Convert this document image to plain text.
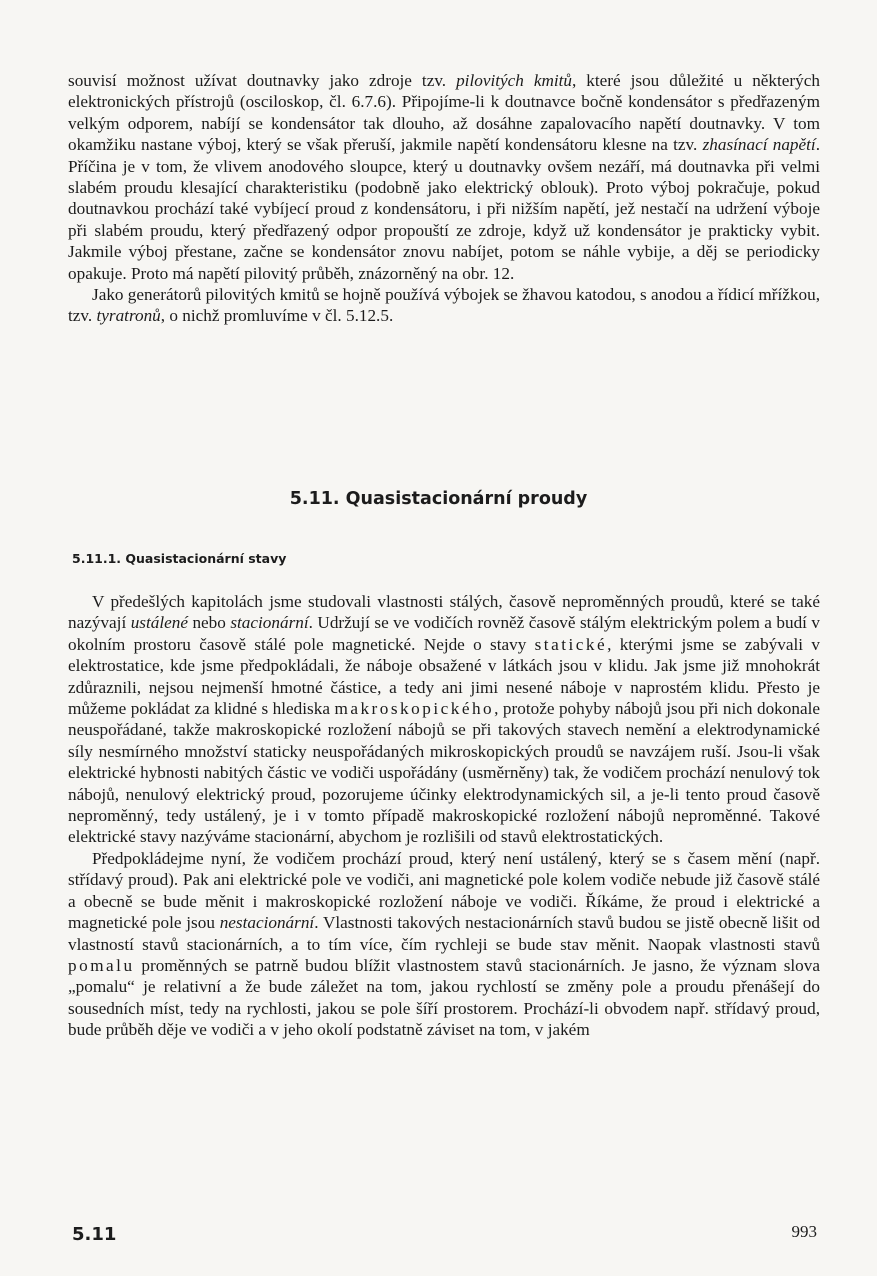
souvisí možnost užívat doutnavky jako zdroje tzv. pilovitých kmitů, které jsou důležité u některých elektronických přístrojů (osciloskop, čl. 6.7.6). Připojíme-li k doutnavce bočně kondensátor s předřazeným velkým odporem, nabíjí se kondensátor tak dlouho, až dosáhne zapalovacího napětí doutnavky. V tom okamžiku nastane výboj, který se však přeruší, jakmile napětí kondensátoru klesne na tzv. zhasínací napětí. Příčina je v tom, že vlivem anodového sloupce, který u doutnavky ovšem nezáří, má doutnavka při velmi slabém proudu klesající charakteristiku (podobně jako elektrický oblouk). Proto výboj pokračuje, pokud doutnavkou prochází také vybíjecí proud z kondensátoru, i při nižším napětí, jež nestačí na udržení výboje při slabém proudu, který předřazený odpor propouští ze zdroje, když už kondensátor je prakticky vybit. Jakmile výboj přestane, začne se kondensátor znovu nabíjet, potom se náhle vybije, a děj se periodicky opakuje. Proto má napětí pilovitý průběh, znázorněný na obr. 12.

Jako generátorů pilovitých kmitů se hojně používá výbojek se žhavou katodou, s anodou a řídicí mřížkou, tzv. tyratronů, o nichž promluvíme v čl. 5.12.5.

5.11. Quasistacionární proudy
5.11.1. Quasistacionární stavy

V předešlých kapitolách jsme studovali vlastnosti stálých, časově neproměnných proudů, které se také nazývají ustálené nebo stacionární. Udržují se ve vodičích rovněž časově stálým elektrickým polem a budí v okolním prostoru časově stálé pole magnetické. Nejde o stavy statické, kterými jsme se zabývali v elektrostatice, kde jsme předpokládali, že náboje obsažené v látkách jsou v klidu. Jak jsme již mnohokrát zdůraznili, nejsou nejmenší hmotné částice, a tedy ani jimi nesené náboje v naprostém klidu. Přesto je můžeme pokládat za klidné s hlediska makroskopického, protože pohyby nábojů jsou při nich dokonale neuspořádané, takže makroskopické rozložení nábojů se při takových stavech nemění a elektrodynamické síly nesmírného množství staticky neuspořádaných mikroskopických proudů se navzájem ruší. Jsou-li však elektrické hybnosti nabitých částic ve vodiči uspořádány (usměrněny) tak, že vodičem prochází nenulový tok nábojů, nenulový elektrický proud, pozorujeme účinky elektrodynamických sil, a je-li tento proud časově neproměnný, tedy ustálený, je i v tomto případě makroskopické rozložení nábojů neproměnné. Takové elektrické stavy nazýváme stacionární, abychom je rozlišili od stavů elektrostatických.

Předpokládejme nyní, že vodičem prochází proud, který není ustálený, který se s časem mění (např. střídavý proud). Pak ani elektrické pole ve vodiči, ani magnetické pole kolem vodiče nebude již časově stálé a obecně se bude měnit i makroskopické rozložení náboje ve vodiči. Říkáme, že proud i elektrické a magnetické pole jsou nestacionární. Vlastnosti takových nestacionárních stavů budou se jistě obecně lišit od vlastností stavů stacionárních, a to tím více, čím rychleji se bude stav měnit. Naopak vlastnosti stavů pomalu proměnných se patrně budou blížit vlastnostem stavů stacionárních. Je jasno, že význam slova „pomalu“ je relativní a že bude záležet na tom, jakou rychlostí se změny pole a proudu přenášejí do sousedních míst, tedy na rychlosti, jakou se pole šíří prostorem. Prochází-li obvodem např. střídavý proud, bude průběh děje ve vodiči a v jeho okolí podstatně záviset na tom, v jakém

5.11	993
